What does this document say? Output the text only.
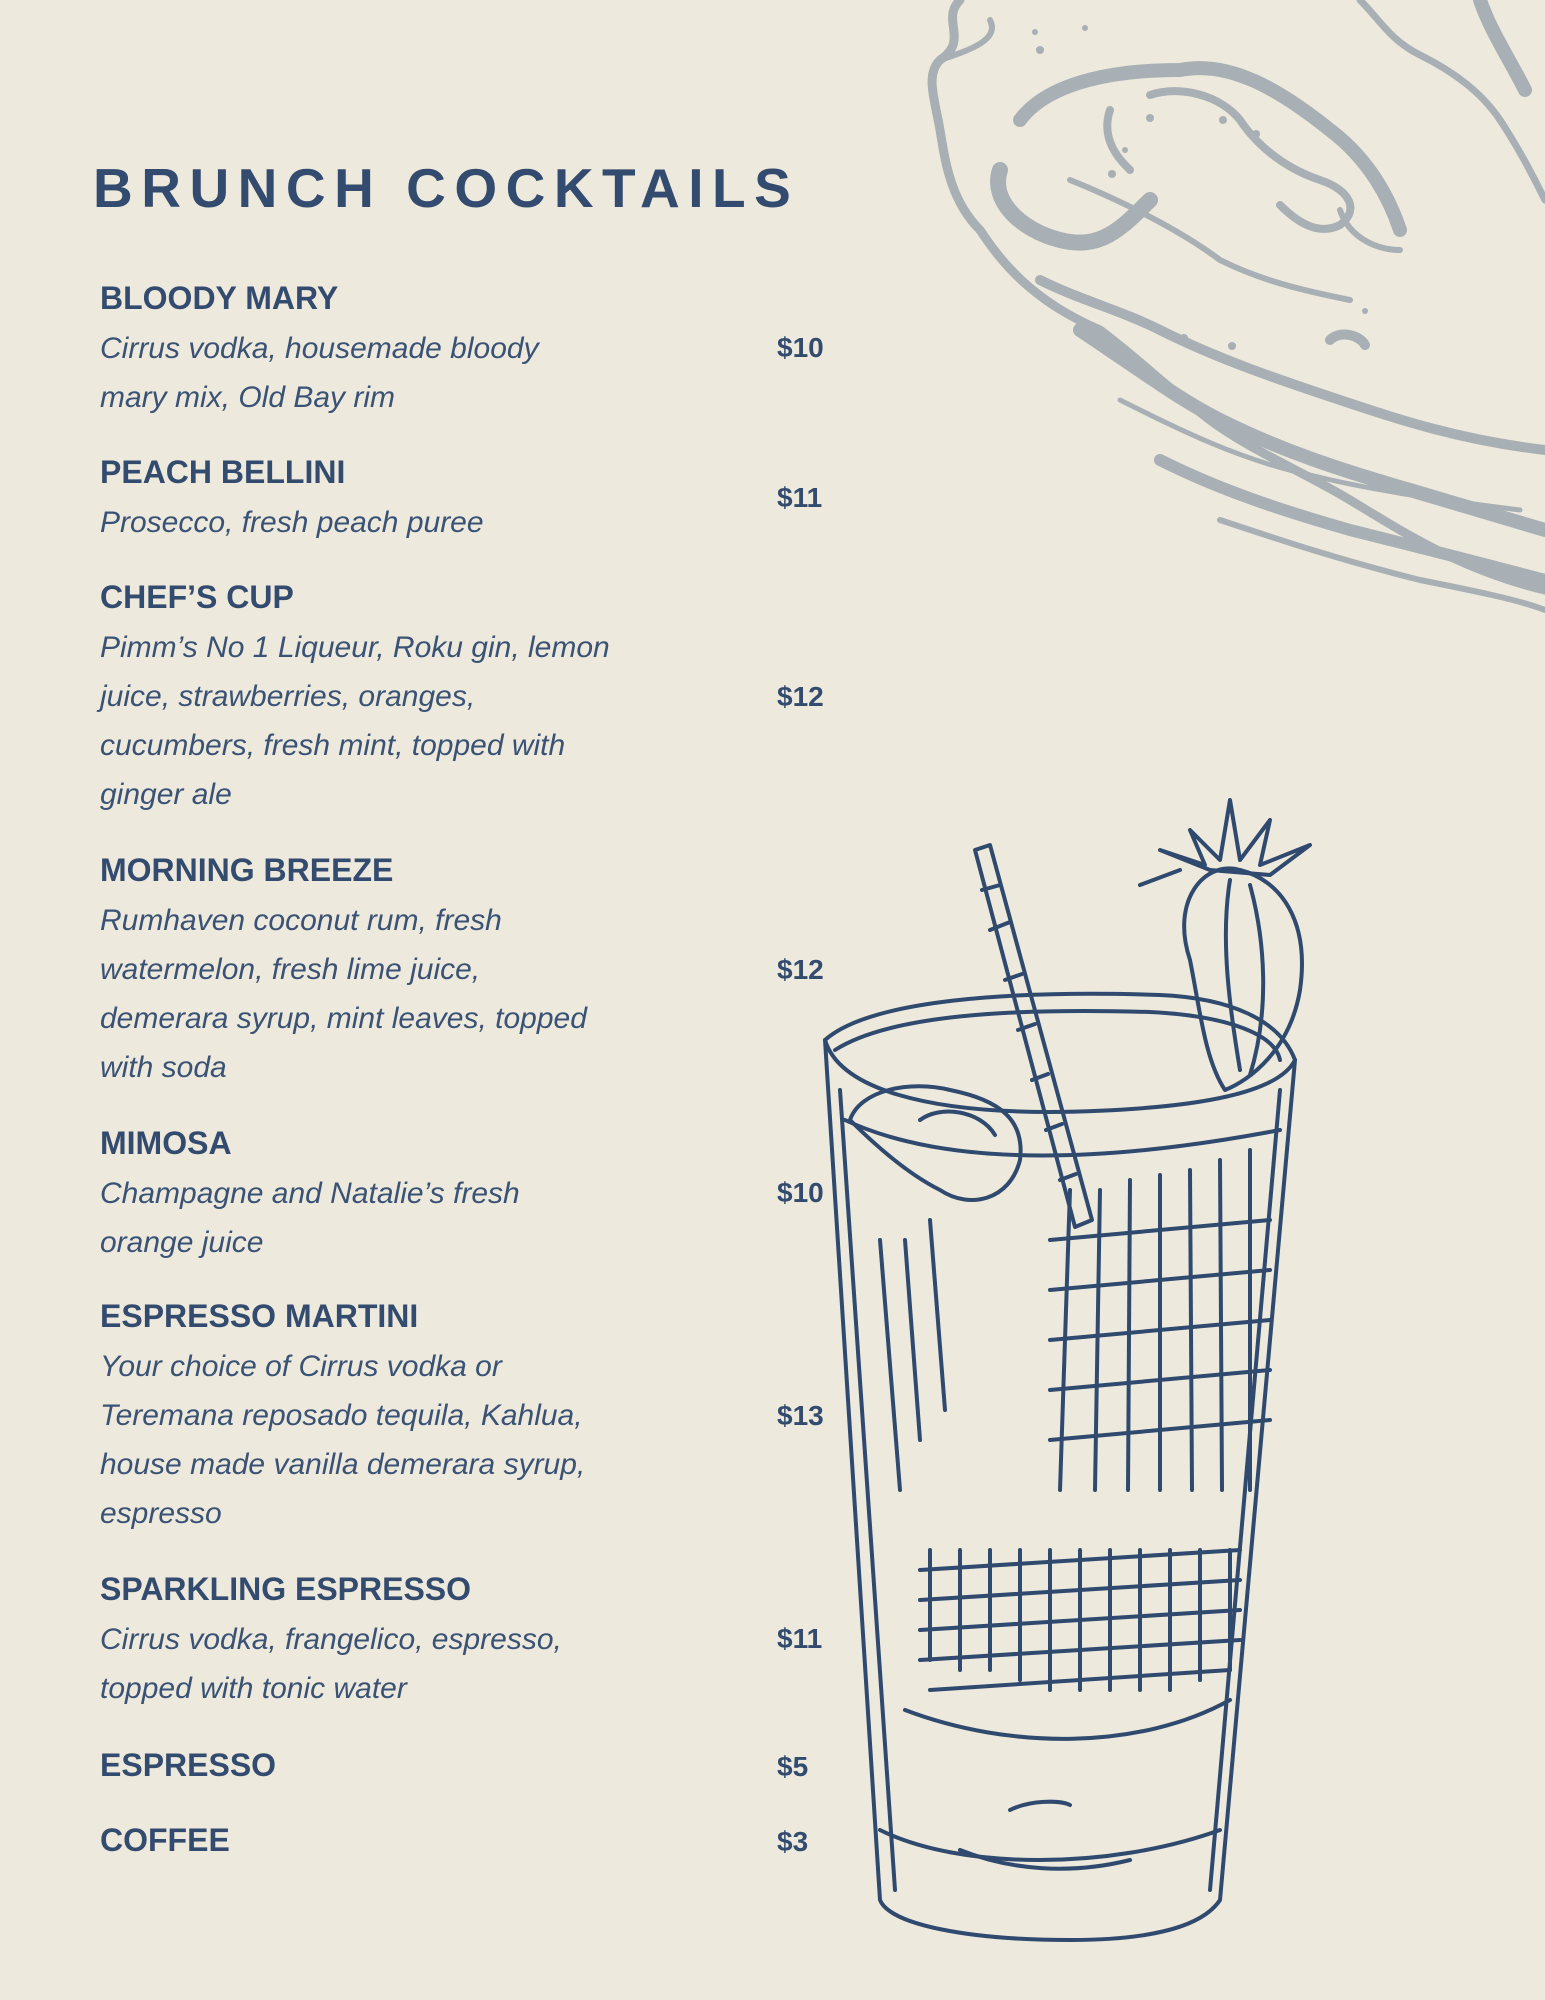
BRUNCH COCKTAILS
BLOODY MARY
Cirrus vodka, housemade bloody
mary mix, Old Bay rim
$10
PEACH BELLINI
Prosecco, fresh peach puree
$11
CHEF’S CUP
Pimm’s No 1 Liqueur, Roku gin, lemon
juice, strawberries, oranges,
cucumbers, fresh mint, topped with
ginger ale
$12
MORNING BREEZE
Rumhaven coconut rum, fresh
watermelon, fresh lime juice,
demerara syrup, mint leaves, topped
with soda
$12
MIMOSA
Champagne and Natalie’s fresh
orange juice
$10
ESPRESSO MARTINI
Your choice of Cirrus vodka or
Teremana reposado tequila, Kahlua,
house made vanilla demerara syrup,
espresso
$13
SPARKLING ESPRESSO
Cirrus vodka, frangelico, espresso,
topped with tonic water
$11
ESPRESSO	$5
COFFEE	$3
